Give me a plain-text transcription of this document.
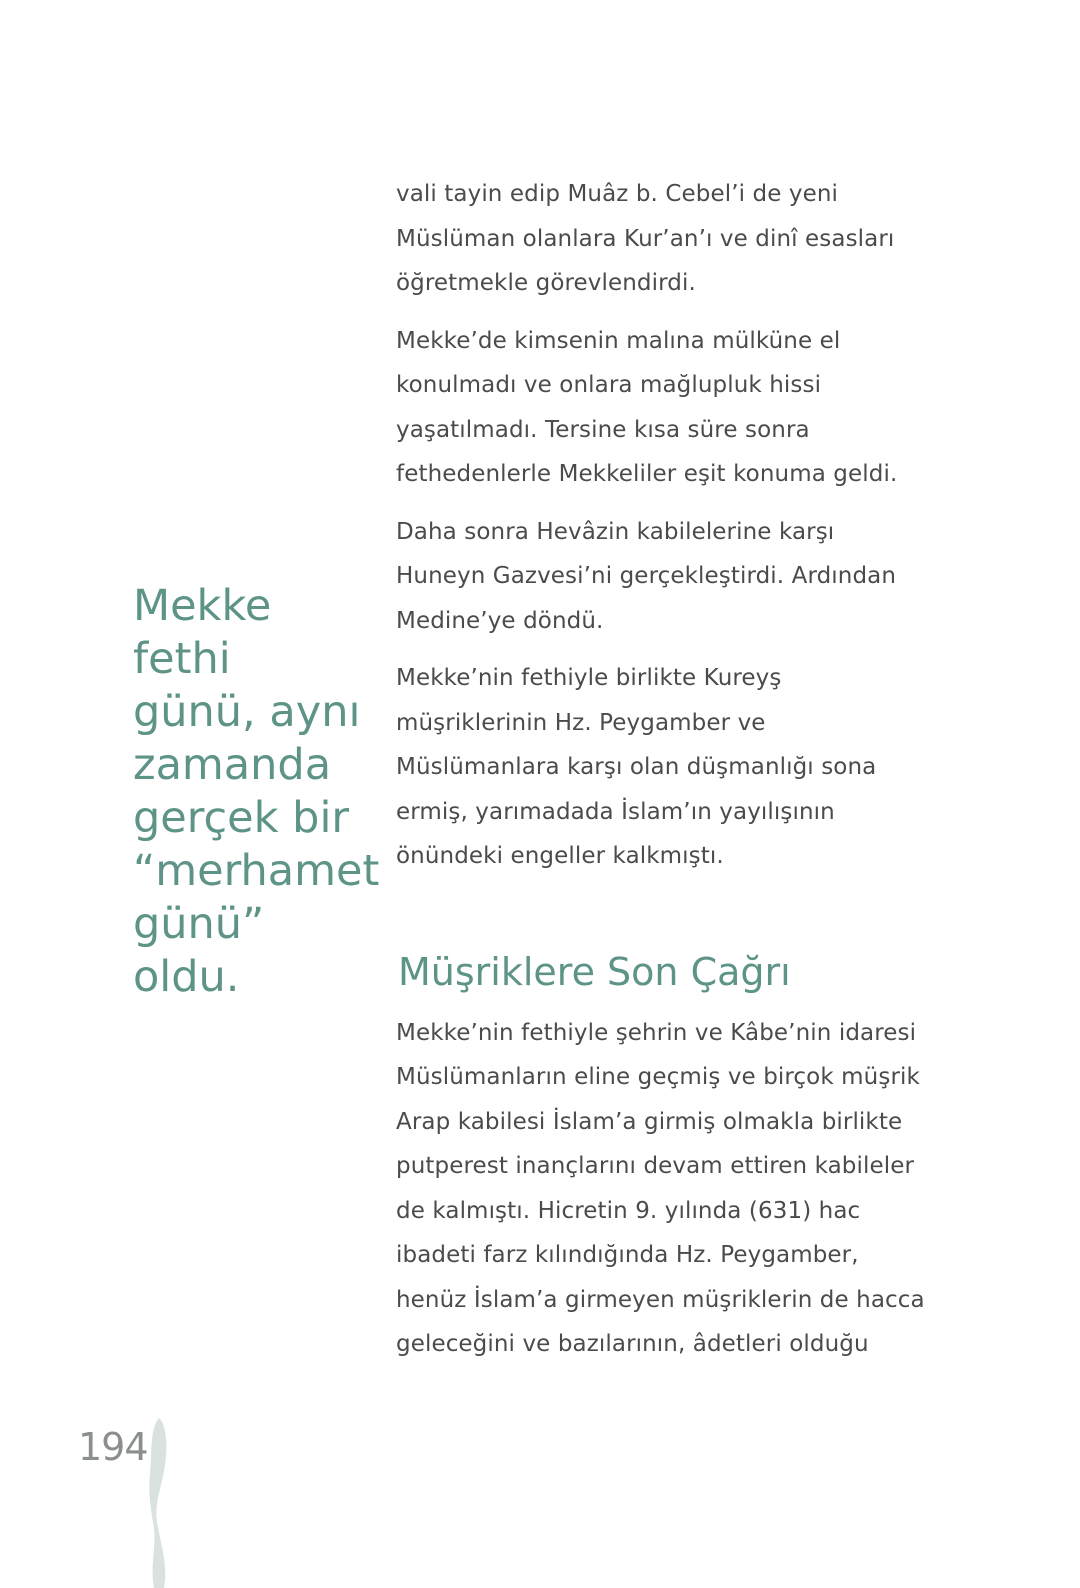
Mekke
fethi
günü, aynı
zamanda
gerçek bir
“merhamet
günü”
oldu.

vali tayin edip Muâz b. Cebel’i de yeni
Müslüman olanlara Kur’an’ı ve dinî esasları
öğretmekle görevlendirdi.

Mekke’de kimsenin malına mülküne el
konulmadı ve onlara mağlupluk hissi
yaşatılmadı. Tersine kısa süre sonra
fethedenlerle Mekkeliler eşit konuma geldi.

Daha sonra Hevâzin kabilelerine karşı
Huneyn Gazvesi’ni gerçekleştirdi. Ardından
Medine’ye döndü.

Mekke’nin fethiyle birlikte Kureyş
müşriklerinin Hz. Peygamber ve
Müslümanlara karşı olan düşmanlığı sona
ermiş, yarımadada İslam’ın yayılışının
önündeki engeller kalkmıştı.

Müşriklere Son Çağrı

Mekke’nin fethiyle şehrin ve Kâbe’nin idaresi
Müslümanların eline geçmiş ve birçok müşrik
Arap kabilesi İslam’a girmiş olmakla birlikte
putperest inançlarını devam ettiren kabileler
de kalmıştı. Hicretin 9. yılında (631) hac
ibadeti farz kılındığında Hz. Peygamber,
henüz İslam’a girmeyen müşriklerin de hacca
geleceğini ve bazılarının, âdetleri olduğu

194
